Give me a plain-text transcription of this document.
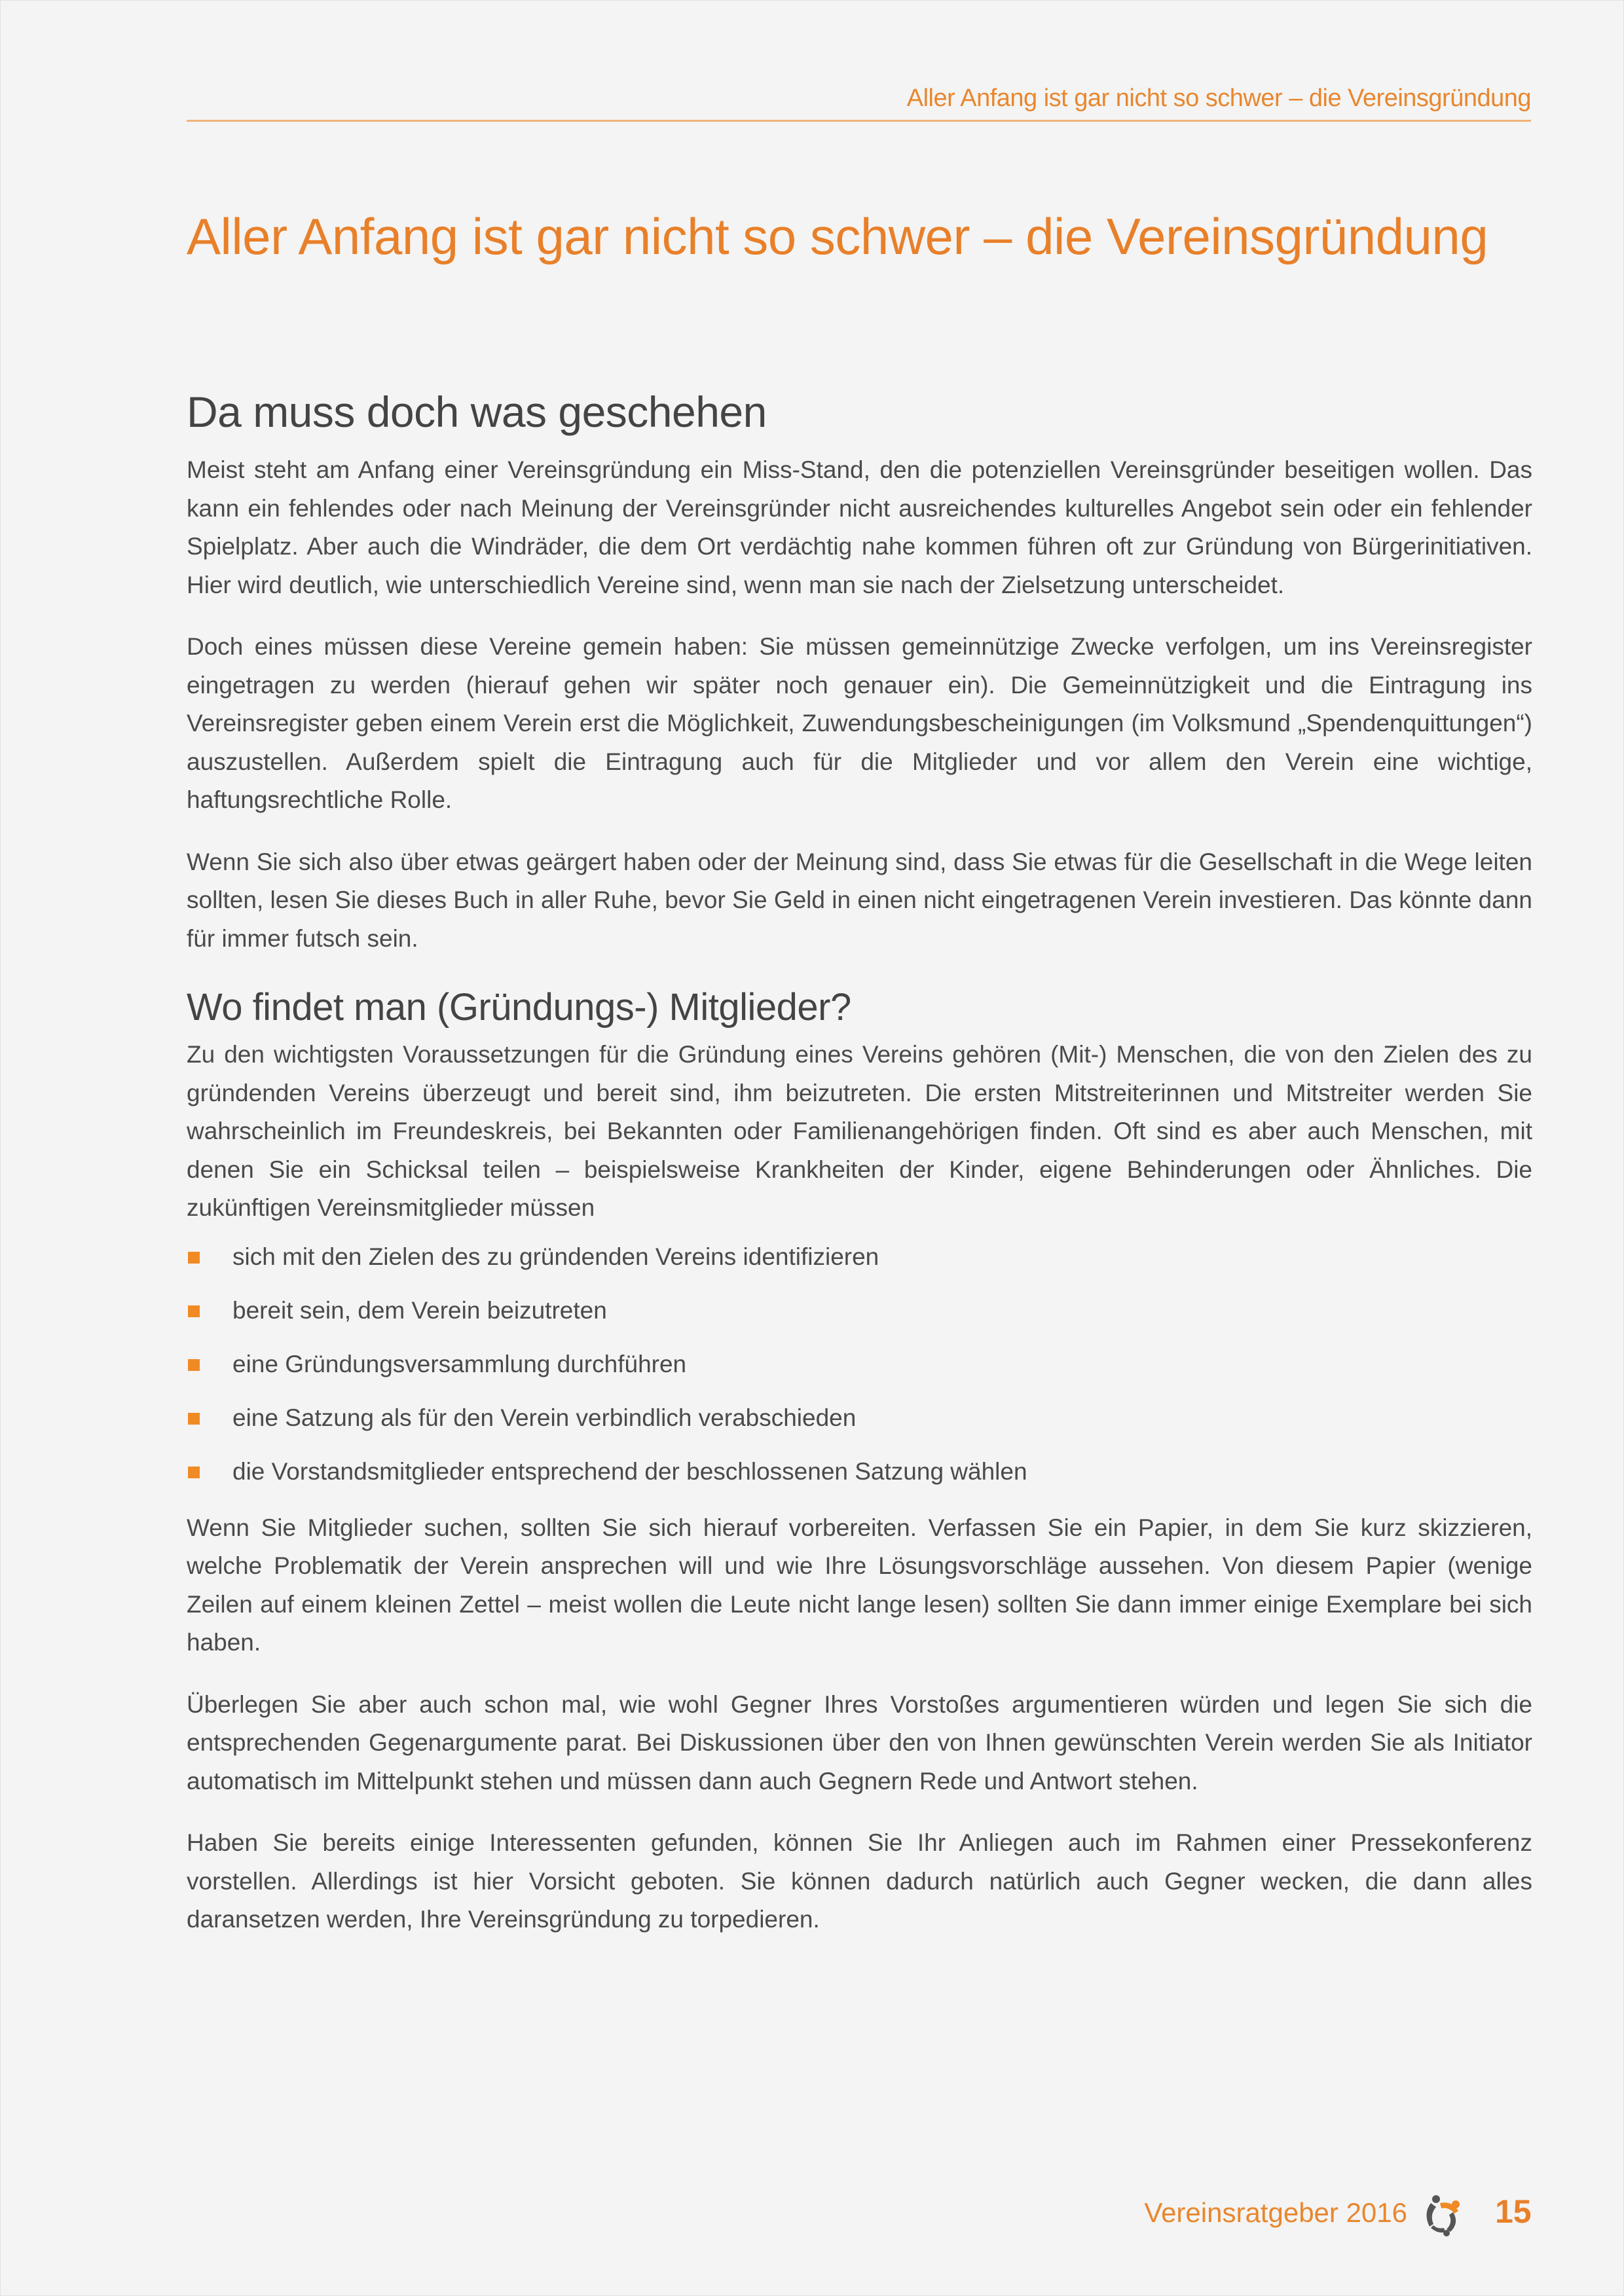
Aller Anfang ist gar nicht so schwer – die Vereinsgründung
Aller Anfang ist gar nicht so schwer – die Vereinsgründung
Da muss doch was geschehen

Meist steht am Anfang einer Vereinsgründung ein Miss-Stand, den die potenziellen Vereinsgründer beseitigen wollen. Das kann ein fehlendes oder nach Meinung der Vereinsgründer nicht ausreichendes kulturelles Angebot sein oder ein fehlender Spielplatz. Aber auch die Windräder, die dem Ort verdächtig nahe kommen führen oft zur Gründung von Bürgerinitiativen. Hier wird deutlich, wie unterschiedlich Vereine sind, wenn man sie nach der Zielsetzung unterscheidet.

Doch eines müssen diese Vereine gemein haben: Sie müssen gemeinnützige Zwecke verfolgen, um ins Vereinsregister eingetragen zu werden (hierauf gehen wir später noch genauer ein). Die Gemeinnützigkeit und die Eintragung ins Vereinsregister geben einem Verein erst die Möglichkeit, Zuwendungsbescheinigungen (im Volksmund „Spendenquittungen“) auszustellen. Außerdem spielt die Eintragung auch für die Mitglieder und vor allem den Verein eine wichtige, haftungsrechtliche Rolle.

Wenn Sie sich also über etwas geärgert haben oder der Meinung sind, dass Sie etwas für die Gesellschaft in die Wege leiten sollten, lesen Sie dieses Buch in aller Ruhe, bevor Sie Geld in einen nicht eingetragenen Verein investieren. Das könnte dann für immer futsch sein.

Wo findet man (Gründungs-) Mitglieder?

Zu den wichtigsten Voraussetzungen für die Gründung eines Vereins gehören (Mit-) Menschen, die von den Zielen des zu gründenden Vereins überzeugt und bereit sind, ihm beizutreten. Die ersten Mitstreiterinnen und Mitstreiter werden Sie wahrscheinlich im Freundeskreis, bei Bekannten oder Familienangehörigen finden. Oft sind es aber auch Menschen, mit denen Sie ein Schicksal teilen – beispielsweise Krankheiten der Kinder, eigene Behinderungen oder Ähnliches. Die zukünftigen Vereinsmitglieder müssen

sich mit den Zielen des zu gründenden Vereins identifizieren
bereit sein, dem Verein beizutreten
eine Gründungsversammlung durchführen
eine Satzung als für den Verein verbindlich verabschieden
die Vorstandsmitglieder entsprechend der beschlossenen Satzung wählen

Wenn Sie Mitglieder suchen, sollten Sie sich hierauf vorbereiten. Verfassen Sie ein Papier, in dem Sie kurz skizzieren, welche Problematik der Verein ansprechen will und wie Ihre Lösungsvorschläge aussehen. Von diesem Papier (wenige Zeilen auf einem kleinen Zettel – meist wollen die Leute nicht lange lesen) sollten Sie dann immer einige Exemplare bei sich haben.

Überlegen Sie aber auch schon mal, wie wohl Gegner Ihres Vorstoßes argumentieren würden und legen Sie sich die entsprechenden Gegenargumente parat. Bei Diskussionen über den von Ihnen gewünschten Verein werden Sie als Initiator automatisch im Mittelpunkt stehen und müssen dann auch Gegnern Rede und Antwort stehen.

Haben Sie bereits einige Interessenten gefunden, können Sie Ihr Anliegen auch im Rahmen einer Pressekonferenz vorstellen. Allerdings ist hier Vorsicht geboten. Sie können dadurch natürlich auch Gegner wecken, die dann alles daransetzen werden, Ihre Vereinsgründung zu torpedieren.

Vereinsratgeber 2016	15
